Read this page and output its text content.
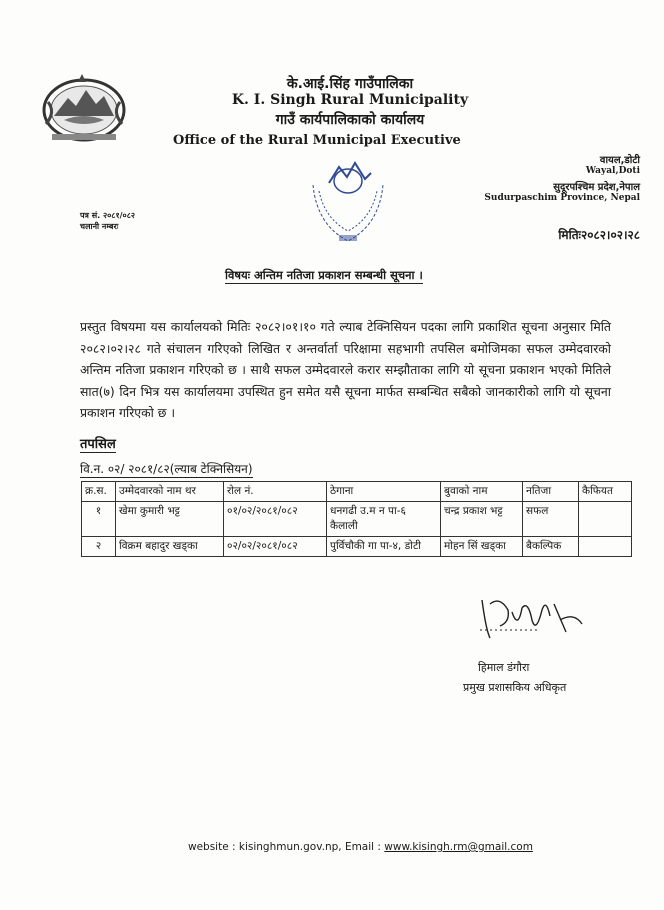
के.आई.सिंह गाउँपालिका
K. I. Singh Rural Municipality
गाउँ कार्यपालिकाको कार्यालय
Office of the Rural Municipal Executive
वायल,डोटी
Wayal,Doti
सुदूरपश्चिम प्रदेश,नेपाल
Sudurpaschim Province, Nepal
पत्र सं. २०८१/०८२
चलानी नम्बरः
मितिः२०८२।०२।२८
विषयः अन्तिम नतिजा प्रकाशन सम्बन्धी सूचना ।
प्रस्तुत विषयमा यस कार्यालयको मितिः २०८२।०१।१० गते ल्याब टेक्निसियन पदका लागि प्रकाशित सूचना अनुसार मिति २०८२।०२।२८ गते संचालन गरिएको लिखित र अन्तर्वार्ता परिक्षामा सहभागी तपसिल बमोजिमका सफल उम्मेदवारको अन्तिम नतिजा प्रकाशन गरिएको छ । साथै सफल उम्मेदवारले करार सम्झौताका लागि यो सूचना प्रकाशन भएको मितिले सात(७) दिन भित्र यस कार्यालयमा उपस्थित हुन समेत यसै सूचना मार्फत सम्बन्धित सबैको जानकारीको लागि यो सूचना प्रकाशन गरिएको छ ।
तपसिल
वि.न. ०२/ २०८१/८२(ल्याब टेक्निसियन)
क्र.स.	उम्मेदवारको नाम थर	रोल नं.	ठेगाना	बुवाको नाम	नतिजा	कैफियत
१	खेमा कुमारी भट्ट	०१/०२/२०८१/०८२	धनगढी उ.म न पा-६ कैलाली	चन्द्र प्रकाश भट्ट	सफल	
२	विक्रम बहादुर खड्का	०२/०२/२०८१/०८२	पुर्विचौकी गा पा-४, डोटी	मोहन सिं खड्का	बैकल्पिक	
हिमाल डंगौरा
प्रमुख प्रशासकिय अधिकृत
website : kisinghmun.gov.np, Email : www.kisingh.rm@gmail.com
